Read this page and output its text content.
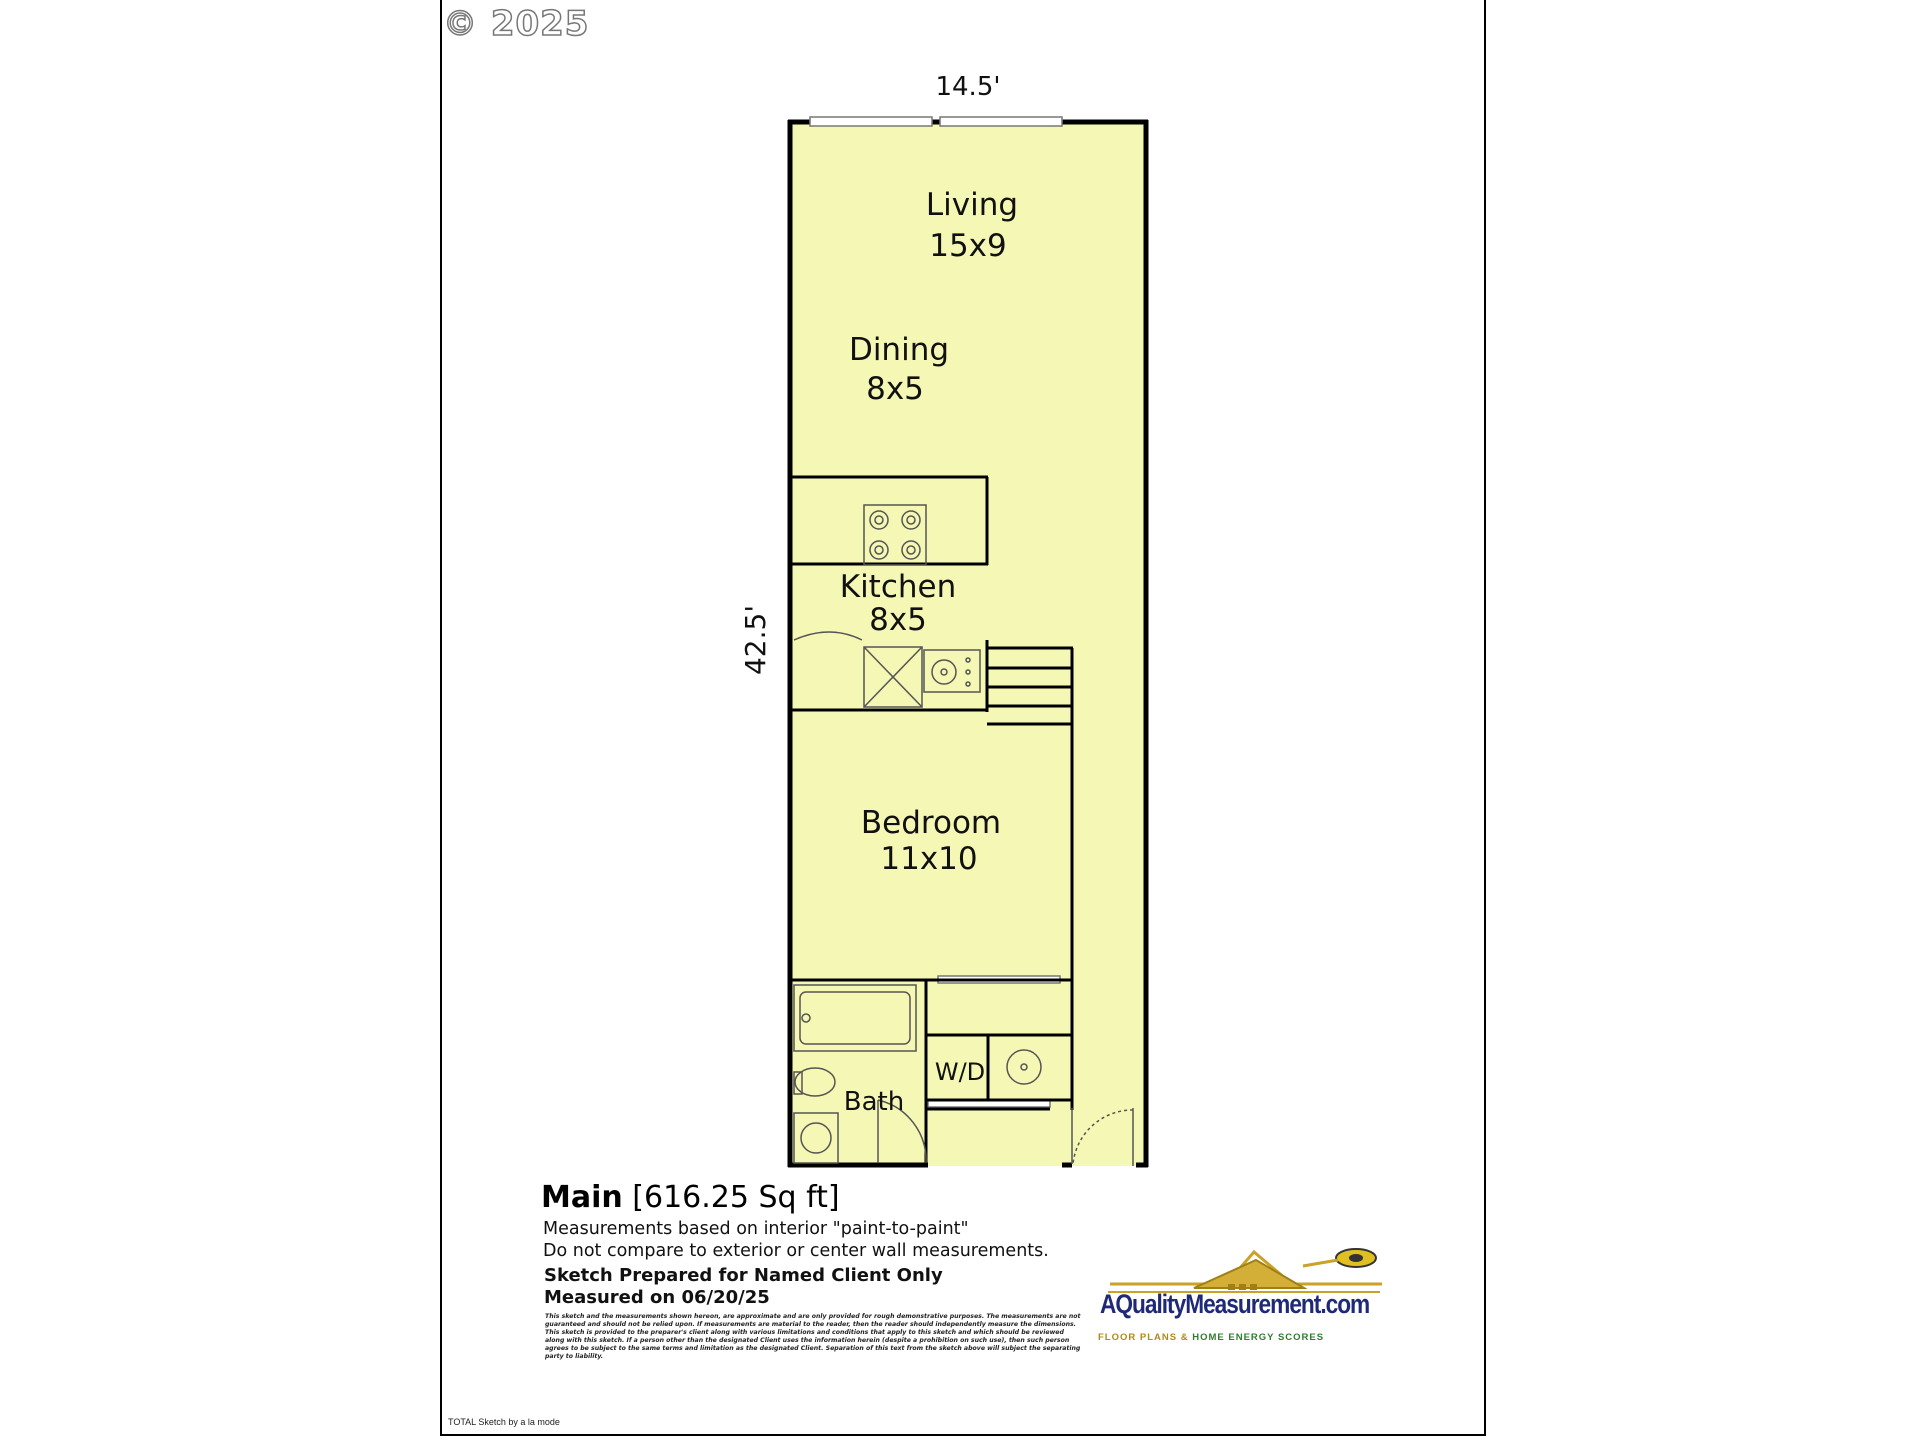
© 2025
14.5'
42.5'
Living
15x9
Dining
8x5
Kitchen
8x5
Bedroom
11x10
Bath
W/D
Main [616.25 Sq ft]
Measurements based on interior "paint-to-paint"
Do not compare to exterior or center wall measurements.
Sketch Prepared for Named Client Only
Measured on 06/20/25
This sketch and the measurements shown hereon, are approximate and are only provided for rough demonstrative purposes. The measurements are not guaranteed and should not be relied upon. If measurements are material to the reader, then the reader should independently measure the dimensions. This sketch is provided to the preparer's client along with various limitations and conditions that apply to this sketch and which should be reviewed along with this sketch. If a person other than the designated Client uses the information herein (despite a prohibition on such use), then such person agrees to be subject to the same terms and limitation as the designated Client. Separation of this text from the sketch above will subject the separating party to liability.
AQualityMeasurement.com
FLOOR PLANS & HOME ENERGY SCORES
TOTAL Sketch by a la mode
